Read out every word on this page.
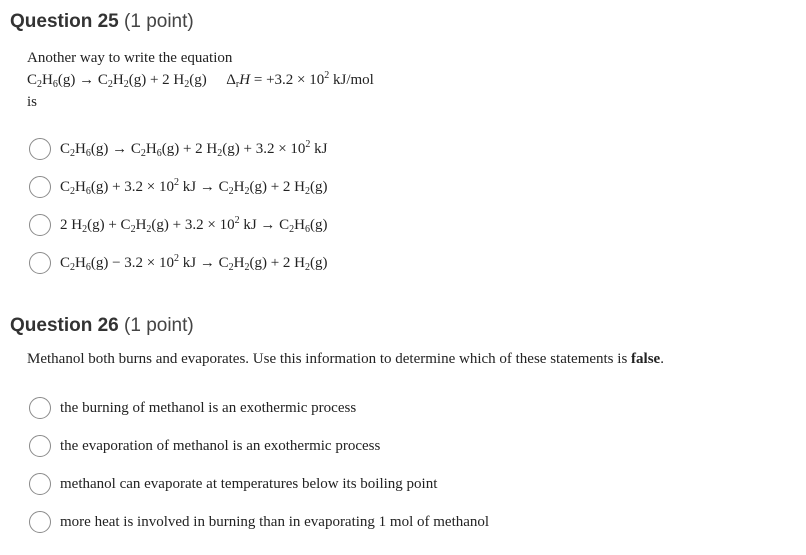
Question 25 (1 point)
Another way to write the equation
$C_2H_6(g) \to C_2H_2(g) + 2$ $H_2(g) \Delta_rH = +3.2 \times 10^2$ kJ/mol
is
$C_2H_6(g) \to C_2H_6(g) + 2$ $H_2(g) + 3.2 \times 10^2$ kJ
$C_2H_6(g) + 3.2 \times 10^2$ kJ → $C_2H_2(g) + 2$ $H_2(g)$
2 $H_2(g) + C_2H_2(g) + 3.2 \times 10^2$ kJ → $C_2H_6(g)$
$C_2H_6(g) - 3.2 \times 10^2$ kJ → $C_2H_2(g) + 2$ $H_2(g)$
Question 26 (1 point)
Methanol both burns and evaporates. Use this information to determine which of these statements is false.
the burning of methanol is an exothermic process
the evaporation of methanol is an exothermic process
methanol can evaporate at temperatures below its boiling point
more heat is involved in burning than in evaporating 1 mol of methanol
